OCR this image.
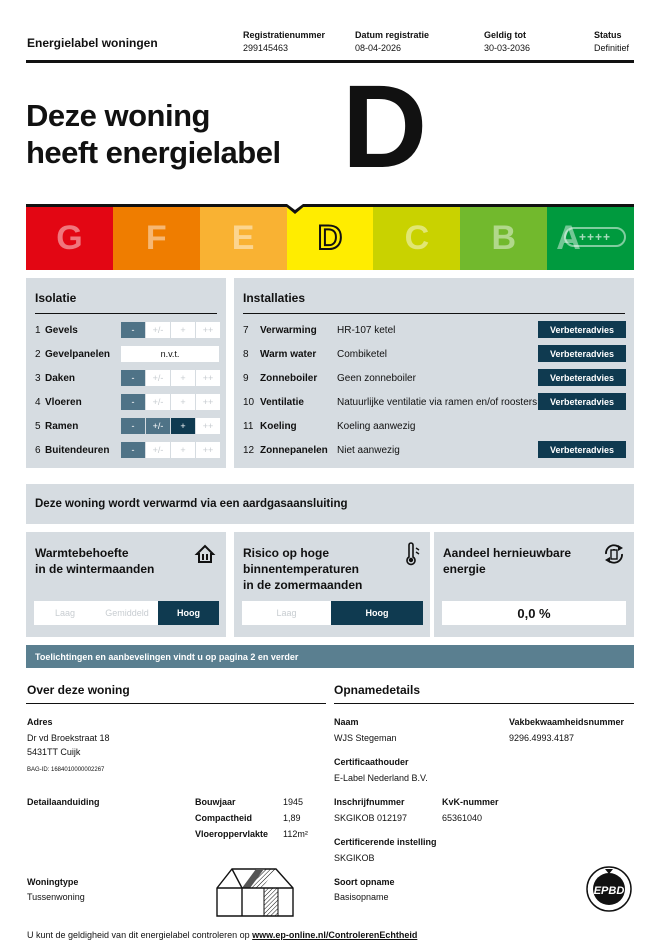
Energielabel woningen
Registratienummer
299145463
Datum registratie
08-04-2026
Geldig tot
30-03-2036
Status
Definitief
Deze woning
heeft energielabel D
G F E D C B A
++++
Isolatie
1 Gevels	-	+/-	+	++
2 Gevelpanelen	n.v.t.
3 Daken	-	+/-	+	++
4 Vloeren	-	+/-	+	++
5 Ramen	-	+/-	+	++
6 Buitendeuren	-	+/-	+	++
Installaties
7	Verwarming	HR-107 ketel	Verbeteradvies
8	Warm water	Combiketel	Verbeteradvies
9	Zonneboiler	Geen zonneboiler	Verbeteradvies
10 Ventilatie	Natuurlijke ventilatie via ramen en/of roosters	Verbeteradvies
11 Koeling	Koeling aanwezig
12 Zonnepanelen Niet aanwezig	Verbeteradvies
Deze woning wordt verwarmd via een aardgasaansluiting
Warmtebehoefte
in de wintermaanden
Laag	Gemiddeld	Hoog
Risico op hoge
binnentemperaturen
in de zomermaanden
Laag	Hoog
Aandeel hernieuwbare
energie
0,0 %
Toelichtingen en aanbevelingen vindt u op pagina 2 en verder
Over deze woning
Adres
Dr vd Broekstraat 18
5431TT Cuijk
BAG-ID: 1684010000002267
Detailaanduiding	Bouwjaar	1945
Compactheid	1,89
Vloeroppervlakte 112m²
Woningtype
Tussenwoning
Opnamedetails
Naam
WJS Stegeman
Vakbekwaamheidsnummer
9296.4993.4187
Certificaathouder
E-Label Nederland B.V.
Inschrijfnummer
SKGIKOB 012197
KvK-nummer
65361040
Certificerende instelling
SKGIKOB
Soort opname
Basisopname	EPBD
U kunt de geldigheid van dit energielabel controleren op www.ep-online.nl/ControlerenEchtheid
